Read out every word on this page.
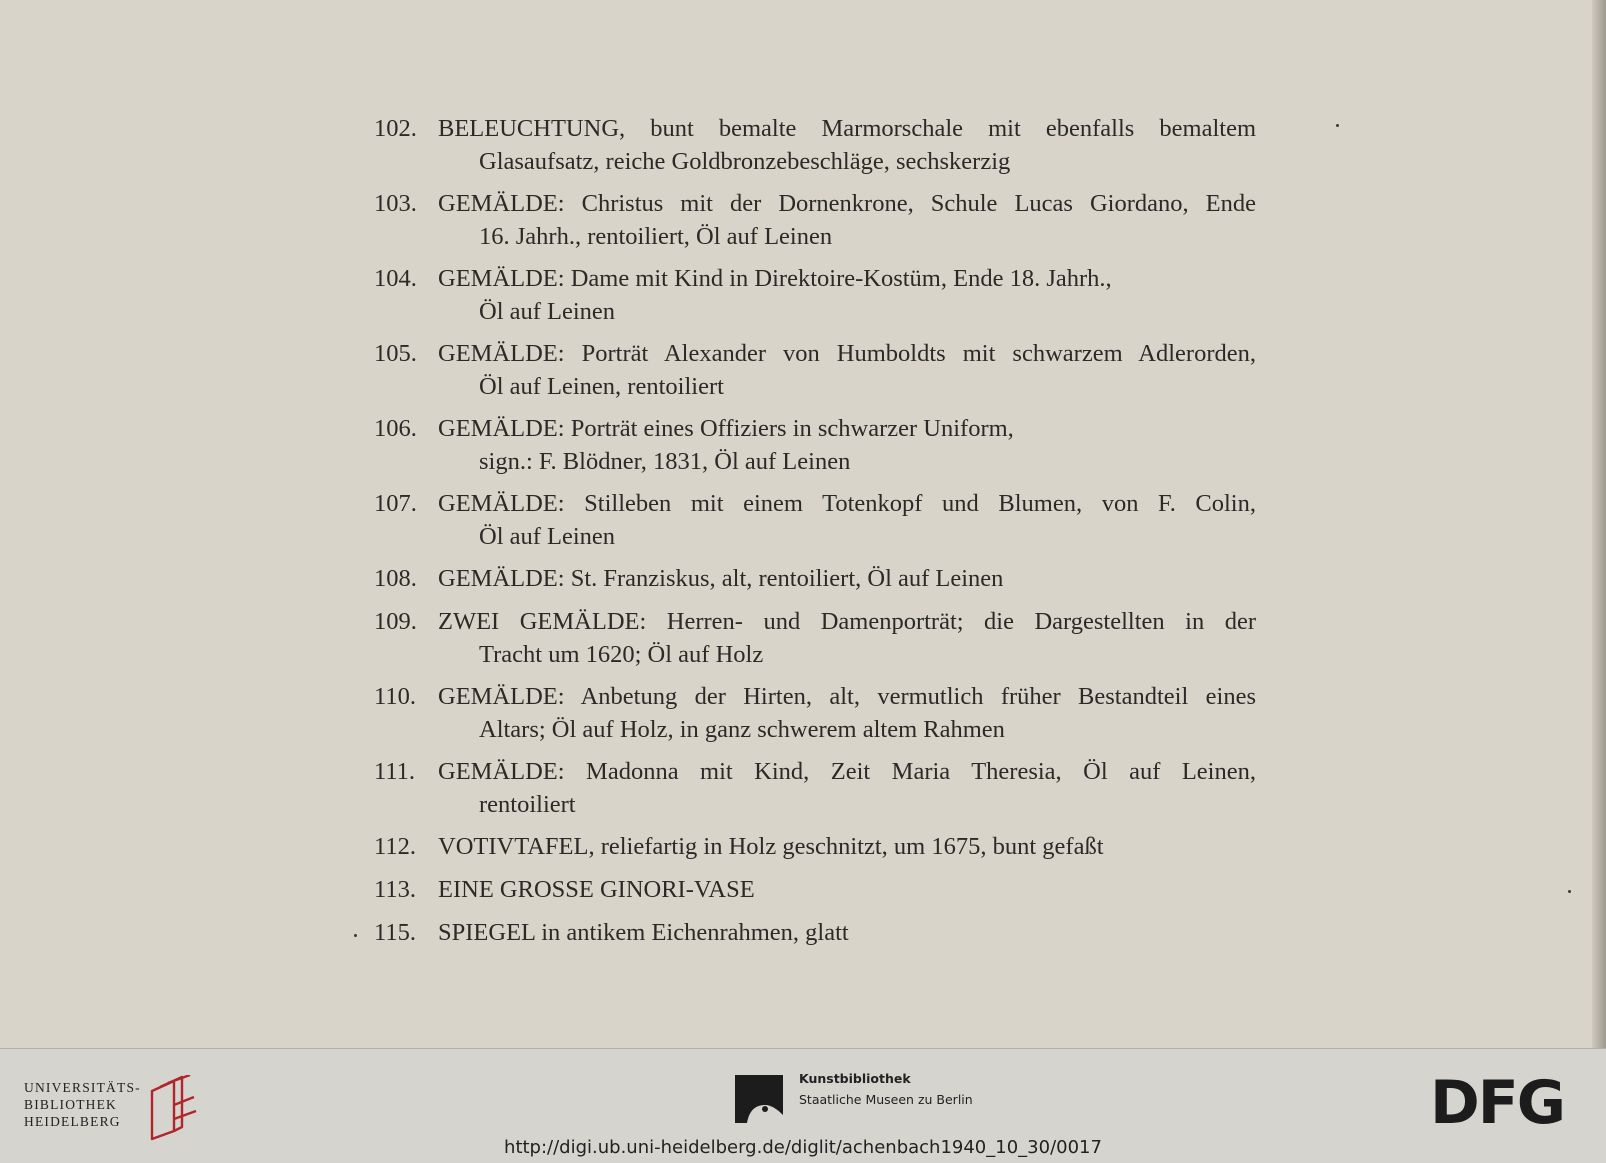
102. BELEUCHTUNG, bunt bemalte Marmorschale mit ebenfalls bemaltem
Glasaufsatz, reiche Goldbronzebeschläge, sechskerzig
103. GEMÄLDE: Christus mit der Dornenkrone, Schule Lucas Giordano, Ende
16. Jahrh., rentoiliert, Öl auf Leinen
104. GEMÄLDE: Dame mit Kind in Direktoire-Kostüm, Ende 18. Jahrh.,
Öl auf Leinen
105. GEMÄLDE: Porträt Alexander von Humboldts mit schwarzem Adlerorden,
Öl auf Leinen, rentoiliert
106. GEMÄLDE: Porträt eines Offiziers in schwarzer Uniform,
sign.: F. Blödner, 1831, Öl auf Leinen
107. GEMÄLDE: Stilleben mit einem Totenkopf und Blumen, von F. Colin,
Öl auf Leinen
108. GEMÄLDE: St. Franziskus, alt, rentoiliert, Öl auf Leinen
109. ZWEI GEMÄLDE: Herren- und Damenporträt; die Dargestellten in der
Tracht um 1620; Öl auf Holz
110. GEMÄLDE: Anbetung der Hirten, alt, vermutlich früher Bestandteil eines
Altars; Öl auf Holz, in ganz schwerem altem Rahmen
111. GEMÄLDE: Madonna mit Kind, Zeit Maria Theresia, Öl auf Leinen,
rentoiliert
112. VOTIVTAFEL, reliefartig in Holz geschnitzt, um 1675, bunt gefaßt
113. EINE GROSSE GINORI-VASE
115. SPIEGEL in antikem Eichenrahmen, glatt
UNIVERSITÄTS-
BIBLIOTHEK
HEIDELBERG
Kunstbibliothek
Staatliche Museen zu Berlin	DFG
http://digi.ub.uni-heidelberg.de/diglit/achenbach1940_10_30/0017
